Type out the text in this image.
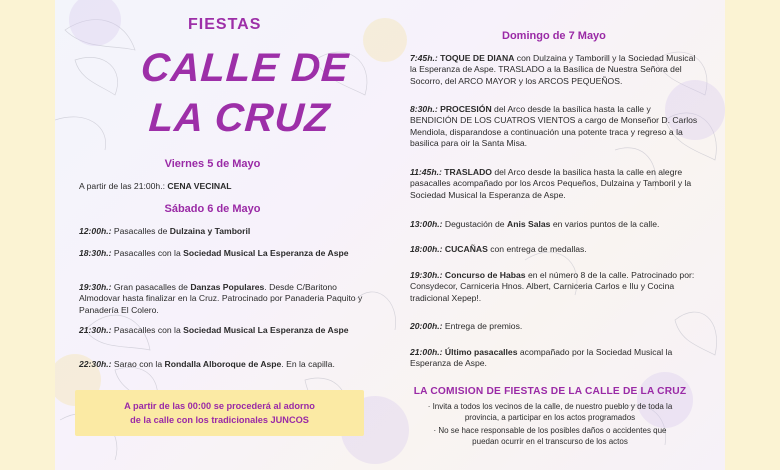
FIESTAS
CALLE DE
LA CRUZ
Viernes 5 de Mayo
A partir de las 21:00h.: CENA VECINAL
Sábado 6 de Mayo
12:00h.: Pasacalles de Dulzaina y Tamboril
18:30h.: Pasacalles con la Sociedad Musical La Esperanza de Aspe
19:30h.: Gran pasacalles de Danzas Populares. Desde C/Baritono Almodovar hasta finalizar en la Cruz. Patrocinado por Panaderia Paquito y Panadería El Colero.
21:30h.: Pasacalles con la Sociedad Musical La Esperanza de Aspe
22:30h.: Sarao con la Rondalla Alboroque de Aspe. En la capilla.
A partir de las 00:00 se procederá al adorno
de la calle con los tradicionales JUNCOS
Domingo de 7 Mayo
7:45h.: TOQUE DE DIANA con Dulzaina y Tamborill y la Sociedad Musical la Esperanza de Aspe. TRASLADO a la Basílica de Nuestra Señora del Socorro, del ARCO MAYOR y los ARCOS PEQUEÑOS.
8:30h.: PROCESIÓN del Arco desde la basílica hasta la calle y BENDICIÓN DE LOS CUATROS VIENTOS a cargo de Monseñor D. Carlos Mendiola, disparandose a continuación una potente traca y regreso a la basilica para oir la Santa Misa.
11:45h.: TRASLADO del Arco desde la basilica hasta la calle en alegre pasacalles acompañado por los Arcos Pequeños, Dulzaina y Tamboril y la Sociedad Musical la Esperanza de Aspe.
13:00h.: Degustación de Anis Salas en varios puntos de la calle.
18:00h.: CUCAÑAS con entrega de medallas.
19:30h.: Concurso de Habas en el número 8 de la calle. Patrocinado por: Consydecor, Carniceria Hnos. Albert, Carniceria Carlos e Ilu y Cocina tradicional Xepep!.
20:00h.: Entrega de premios.
21:00h.: Último pasacalles acompañado por la Sociedad Musical la Esperanza de Aspe.
LA COMISION DE FIESTAS DE LA CALLE DE LA CRUZ
· Invita a todos los vecinos de la calle, de nuestro pueblo y de toda la
provincia, a participar en los actos programados
· No se hace responsable de los posibles daños o accidentes que
puedan ocurrir en el transcurso de los actos
